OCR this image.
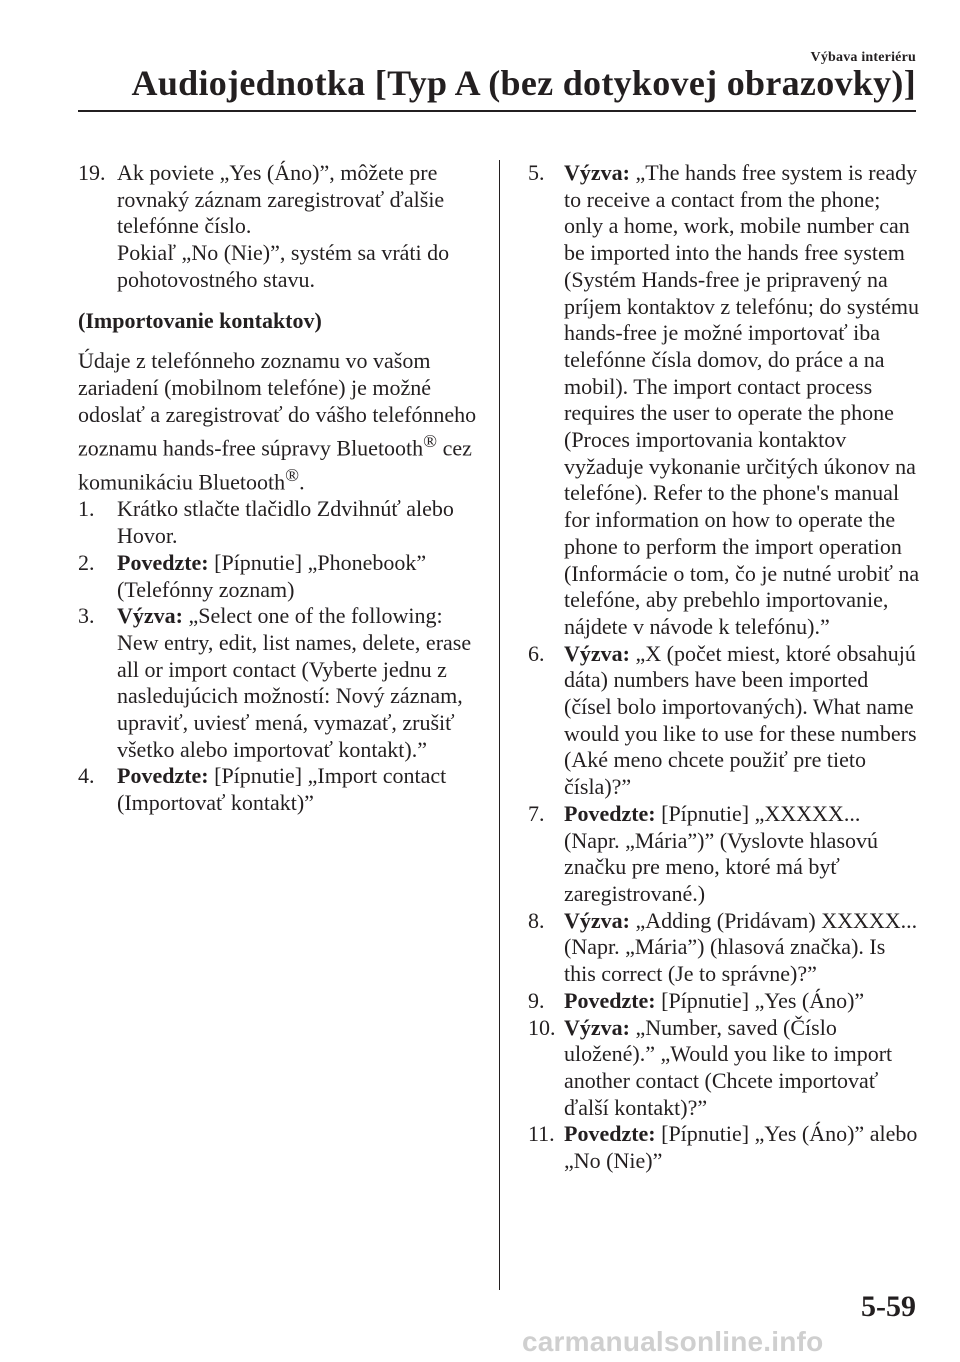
Výbava interiéru
Audiojednotka [Typ A (bez dotykovej obrazovky)]
19. Ak poviete „Yes (Áno)”, môžete pre rovnaký záznam zaregistrovať ďalšie telefónne číslo.

Pokiaľ „No (Nie)”, systém sa vráti do pohotovostného stavu.

(Importovanie kontaktov)

Údaje z telefónneho zoznamu vo vašom zariadení (mobilnom telefóne) je možné odoslať a zaregistrovať do vášho telefónneho zoznamu hands-free súpravy Bluetooth® cez komunikáciu Bluetooth®.

1. Krátko stlačte tlačidlo Zdvihnúť alebo Hovor.
2. Povedzte: [Pípnutie] „Phonebook” (Telefónny zoznam)
3. Výzva: „Select one of the following: New entry, edit, list names, delete, erase all or import contact (Vyberte jednu z nasledujúcich možností: Nový záznam, upraviť, uviesť mená, vymazať, zrušiť všetko alebo importovať kontakt).”
4. Povedzte: [Pípnutie] „Import contact (Importovať kontakt)”
5. Výzva: „The hands free system is ready to receive a contact from the phone; only a home, work, mobile number can be imported into the hands free system (Systém Hands-free je pripravený na príjem kontaktov z telefónu; do systému hands-free je možné importovať iba telefónne čísla domov, do práce a na mobil). The import contact process requires the user to operate the phone (Proces importovania kontaktov vyžaduje vykonanie určitých úkonov na telefóne). Refer to the phone's manual for information on how to operate the phone to perform the import operation (Informácie o tom, čo je nutné urobiť na telefóne, aby prebehlo importovanie, nájdete v návode k telefónu).”
6. Výzva: „X (počet miest, ktoré obsahujú dáta) numbers have been imported (čísel bolo importovaných). What name would you like to use for these numbers (Aké meno chcete použiť pre tieto čísla)?”
7. Povedzte: [Pípnutie] „XXXXX... (Napr. „Mária”)” (Vyslovte hlasovú značku pre meno, ktoré má byť zaregistrované.)
8. Výzva: „Adding (Pridávam) XXXXX... (Napr. „Mária”) (hlasová značka). Is this correct (Je to správne)?”
9. Povedzte: [Pípnutie] „Yes (Áno)”
10. Výzva: „Number, saved (Číslo uložené).” „Would you like to import another contact (Chcete importovať ďalší kontakt)?”
11. Povedzte: [Pípnutie] „Yes (Áno)” alebo „No (Nie)”
5-59
carmanualsonline.info
